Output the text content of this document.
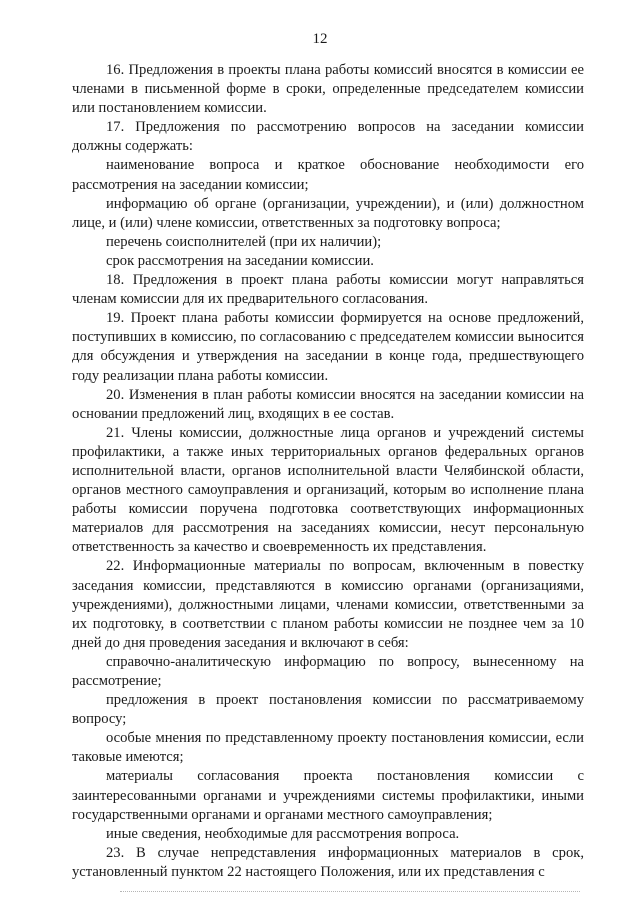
12

16. Предложения в проекты плана работы комиссий вносятся в комиссии ее членами в письменной форме в сроки, определенные председателем комиссии или постановлением комиссии.

17. Предложения по рассмотрению вопросов на заседании комиссии должны содержать:

наименование вопроса и краткое обоснование необходимости его рассмотрения на заседании комиссии;

информацию об органе (организации, учреждении), и (или) должностном лице, и (или) члене комиссии, ответственных за подготовку вопроса;

перечень соисполнителей (при их наличии);

срок рассмотрения на заседании комиссии.

18. Предложения в проект плана работы комиссии могут направляться членам комиссии для их предварительного согласования.

19. Проект плана работы комиссии формируется на основе предложений, поступивших в комиссию, по согласованию с председателем комиссии выносится для обсуждения и утверждения на заседании в конце года, предшествующего году реализации плана работы комиссии.

20. Изменения в план работы комиссии вносятся на заседании комиссии на основании предложений лиц, входящих в ее состав.

21. Члены комиссии, должностные лица органов и учреждений системы профилактики, а также иных территориальных органов федеральных органов исполнительной власти, органов исполнительной власти Челябинской области, органов местного самоуправления и организаций, которым во исполнение плана работы комиссии поручена подготовка соответствующих информационных материалов для рассмотрения на заседаниях комиссии, несут персональную ответственность за качество и своевременность их представления.

22. Информационные материалы по вопросам, включенным в повестку заседания комиссии, представляются в комиссию органами (организациями, учреждениями), должностными лицами, членами комиссии, ответственными за их подготовку, в соответствии с планом работы комиссии не позднее чем за 10 дней до дня проведения заседания и включают в себя:

справочно-аналитическую информацию по вопросу, вынесенному на рассмотрение;

предложения в проект постановления комиссии по рассматриваемому вопросу;

особые мнения по представленному проекту постановления комиссии, если таковые имеются;

материалы согласования проекта постановления комиссии с заинтересованными органами и учреждениями системы профилактики, иными государственными органами и органами местного самоуправления;

иные сведения, необходимые для рассмотрения вопроса.

23. В случае непредставления информационных материалов в срок, установленный пунктом 22 настоящего Положения, или их представления с
